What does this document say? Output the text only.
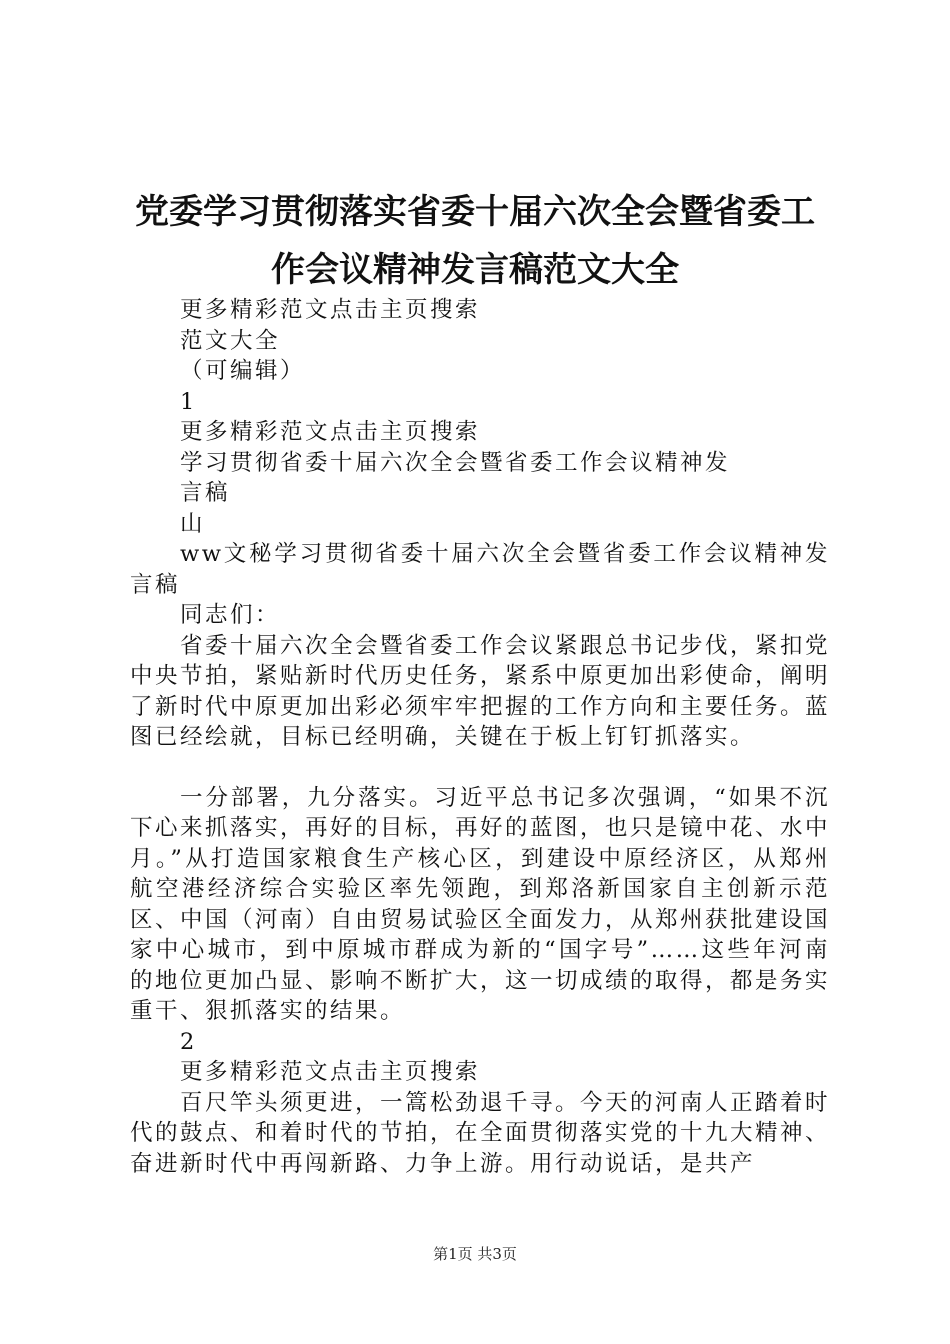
党委学习贯彻落实省委十届六次全会暨省委工
作会议精神发言稿范文大全

更多精彩范文点击主页搜索

范文大全

（可编辑）

1

更多精彩范文点击主页搜索

学习贯彻省委十届六次全会暨省委工作会议精神发

言稿

山

ww文秘学习贯彻省委十届六次全会暨省委工作会议精神发言稿

同志们：

省委十届六次全会暨省委工作会议紧跟总书记步伐，紧扣党中央节拍，紧贴新时代历史任务，紧系中原更加出彩使命，阐明了新时代中原更加出彩必须牢牢把握的工作方向和主要任务。蓝图已经绘就，目标已经明确，关键在于板上钉钉抓落实。

一分部署，九分落实。习近平总书记多次强调，“如果不沉下心来抓落实，再好的目标，再好的蓝图，也只是镜中花、水中月。”从打造国家粮食生产核心区，到建设中原经济区，从郑州航空港经济综合实验区率先领跑，到郑洛新国家自主创新示范区、中国（河南）自由贸易试验区全面发力，从郑州获批建设国家中心城市，到中原城市群成为新的“国字号”……这些年河南的地位更加凸显、影响不断扩大，这一切成绩的取得，都是务实重干、狠抓落实的结果。

2

更多精彩范文点击主页搜索

百尺竿头须更进，一篙松劲退千寻。今天的河南人正踏着时代的鼓点、和着时代的节拍，在全面贯彻落实党的十九大精神、奋进新时代中再闯新路、力争上游。用行动说话，是共产

第1页 共3页
